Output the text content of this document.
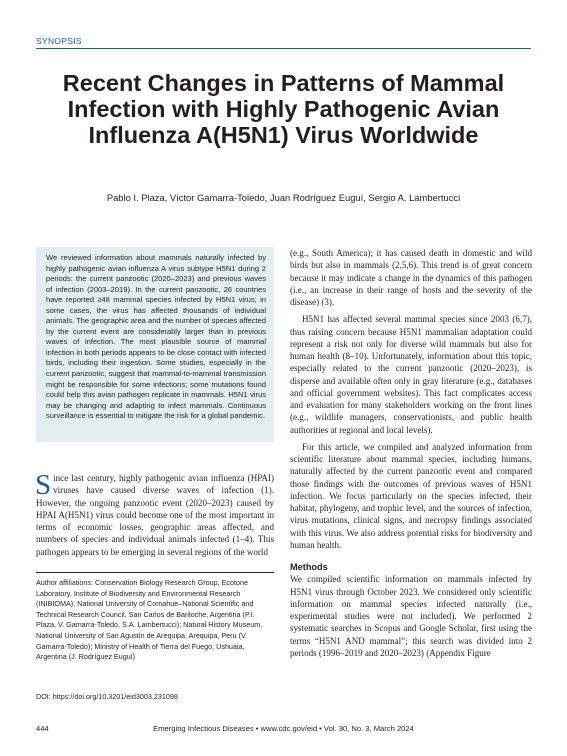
SYNOPSIS
Recent Changes in Patterns of Mammal Infection with Highly Pathogenic Avian Influenza A(H5N1) Virus Worldwide
Pablo I. Plaza, Víctor Gamarra-Toledo, Juan Rodríguez Euguí, Sergio A. Lambertucci

We reviewed information about mammals naturally infected by highly pathogenic avian influenza A virus subtype H5N1 during 2 periods: the current panzootic (2020–2023) and previous waves of infection (2003–2019). In the current panzootic, 26 countries have reported ≥48 mammal species infected by H5N1 virus; in some cases, the virus has affected thousands of individual animals. The geographic area and the number of species affected by the current event are considerably larger than in previous waves of infection. The most plausible source of mammal infection in both periods appears to be close contact with infected birds, including their ingestion. Some studies, especially in the current panzootic, suggest that mammal-to-mammal transmission might be responsible for some infections; some mutations found could help this avian pathogen replicate in mammals. H5N1 virus may be changing and adapting to infect mammals. Continuous surveillance is essential to mitigate the risk for a global pandemic.

Since last century, highly pathogenic avian influenza (HPAI) viruses have caused diverse waves of infection (1). However, the ongoing panzootic event (2020–2023) caused by HPAI A(H5N1) virus could become one of the most important in terms of economic losses, geographic areas affected, and numbers of species and individual animals infected (1–4). This pathogen appears to be emerging in several regions of the world

Author affiliations: Conservation Biology Research Group, Ecotone Laboratory, Institute of Biodiversity and Environmental Research (INIBIOMA), National University of Comahue–National Scientific and Technical Research Council, San Carlos de Bariloche, Argentina (P.I. Plaza, V. Gamarra-Toledo, S.A. Lambertucci); Natural History Museum, National University of San Agustín de Arequipa, Arequipa, Peru (V. Gamarra-Toledo); Ministry of Health of Tierra del Fuego, Ushuaia, Argentina (J. Rodríguez Euguí)
DOI: https://doi.org/10.3201/eid3003.231098

(e.g., South America); it has caused death in domestic and wild birds but also in mammals (2,5,6). This trend is of great concern because it may indicate a change in the dynamics of this pathogen (i.e., an increase in their range of hosts and the severity of the disease) (3).

H5N1 has affected several mammal species since 2003 (6,7), thus raising concern because H5N1 mammalian adaptation could represent a risk not only for diverse wild mammals but also for human health (8–10). Unfortunately, information about this topic, especially related to the current panzootic (2020–2023), is disperse and available often only in gray literature (e.g., databases and official government websites). This fact complicates access and evaluation for many stakeholders working on the front lines (e.g., wildlife managers, conservationists, and public health authorities at regional and local levels).

For this article, we compiled and analyzed information from scientific literature about mammal species, including humans, naturally affected by the current panzootic event and compared those findings with the outcomes of previous waves of H5N1 infection. We focus particularly on the species infected, their habitat, phylogeny, and trophic level, and the sources of infection, virus mutations, clinical signs, and necropsy findings associated with this virus. We also address potential risks for biodiversity and human health.

Methods

We compiled scientific information on mammals infected by H5N1 virus through October 2023. We considered only scientific information on mammal species infected naturally (i.e., experimental studies were not included). We performed 2 systematic searches in Scopus and Google Scholar, first using the terms “H5N1 AND mammal”; this search was divided into 2 periods (1996–2019 and 2020–2023) (Appendix Figure

444	Emerging Infectious Diseases • www.cdc.gov/eid • Vol. 30, No. 3, March 2024
